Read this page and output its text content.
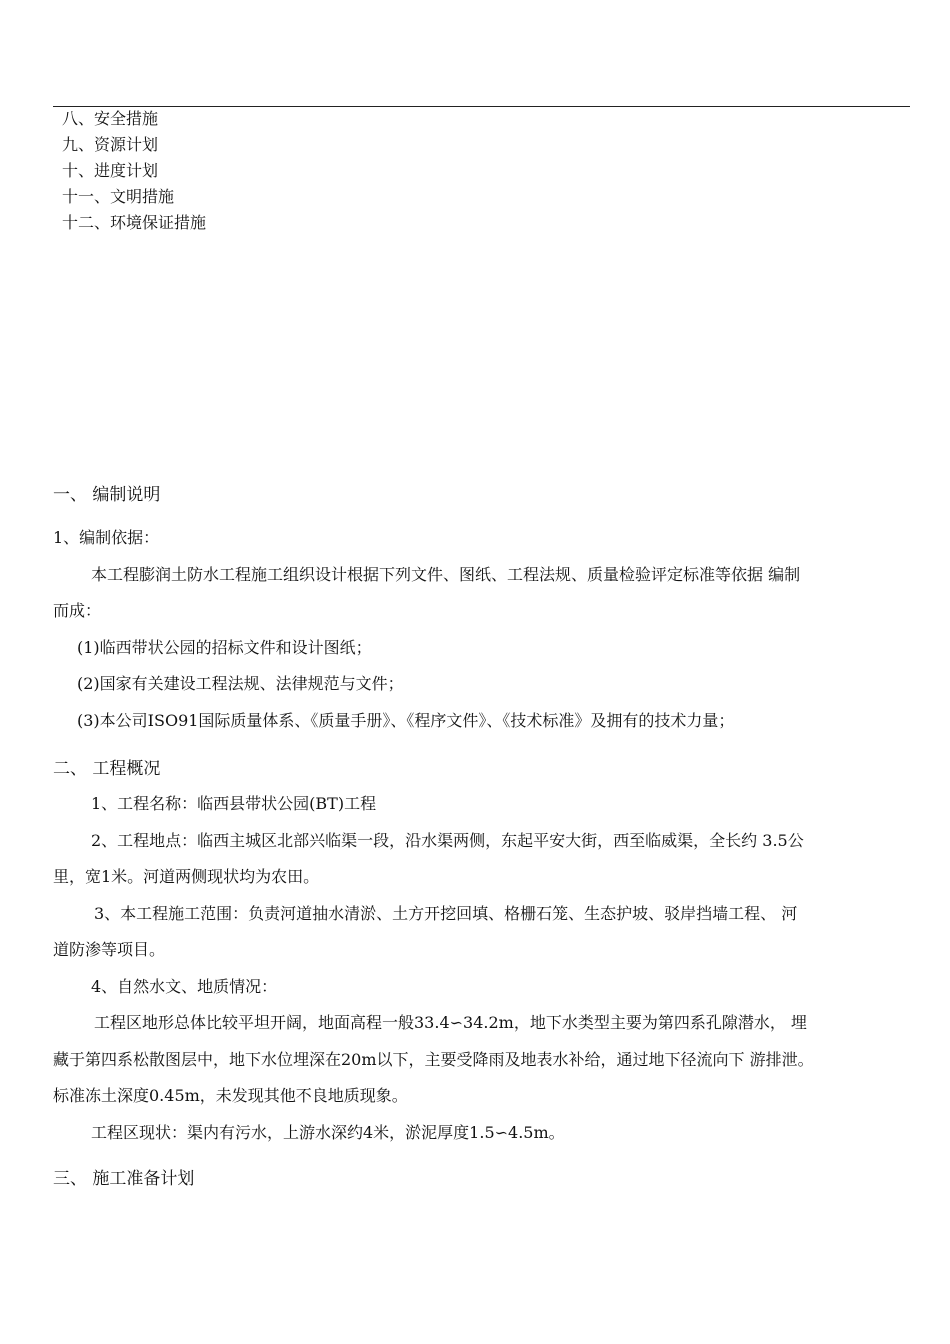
八、安全措施
九、资源计划
十、进度计划
十一、文明措施
十二、环境保证措施
一、 编制说明
1、编制依据：
本工程膨润土防水工程施工组织设计根据下列文件、图纸、工程法规、质量检验评定标准等依据 编制
而成：
(1)临西带状公园的招标文件和设计图纸；
(2)国家有关建设工程法规、法律规范与文件；
(3)本公司ISO91国际质量体系、《质量手册》、《程序文件》、《技术标准》及拥有的技术力量；
二、 工程概况
1、工程名称：临西县带状公园(BT)工程
2、工程地点：临西主城区北部兴临渠一段，沿水渠两侧，东起平安大街，西至临威渠，全长约 3.5公
里，宽1米。河道两侧现状均为农田。
3、本工程施工范围：负责河道抽水清淤、土方开挖回填、格栅石笼、生态护坡、驳岸挡墙工程、 河
道防渗等项目。
4、自然水文、地质情况：
工程区地形总体比较平坦开阔，地面高程一般33.4∽34.2m，地下水类型主要为第四系孔隙潜水， 埋
藏于第四系松散图层中，地下水位埋深在20m以下，主要受降雨及地表水补给，通过地下径流向下 游排泄。
标准冻土深度0.45m，未发现其他不良地质现象。
工程区现状：渠内有污水，上游水深约4米，淤泥厚度1.5∽4.5m。
三、 施工准备计划
